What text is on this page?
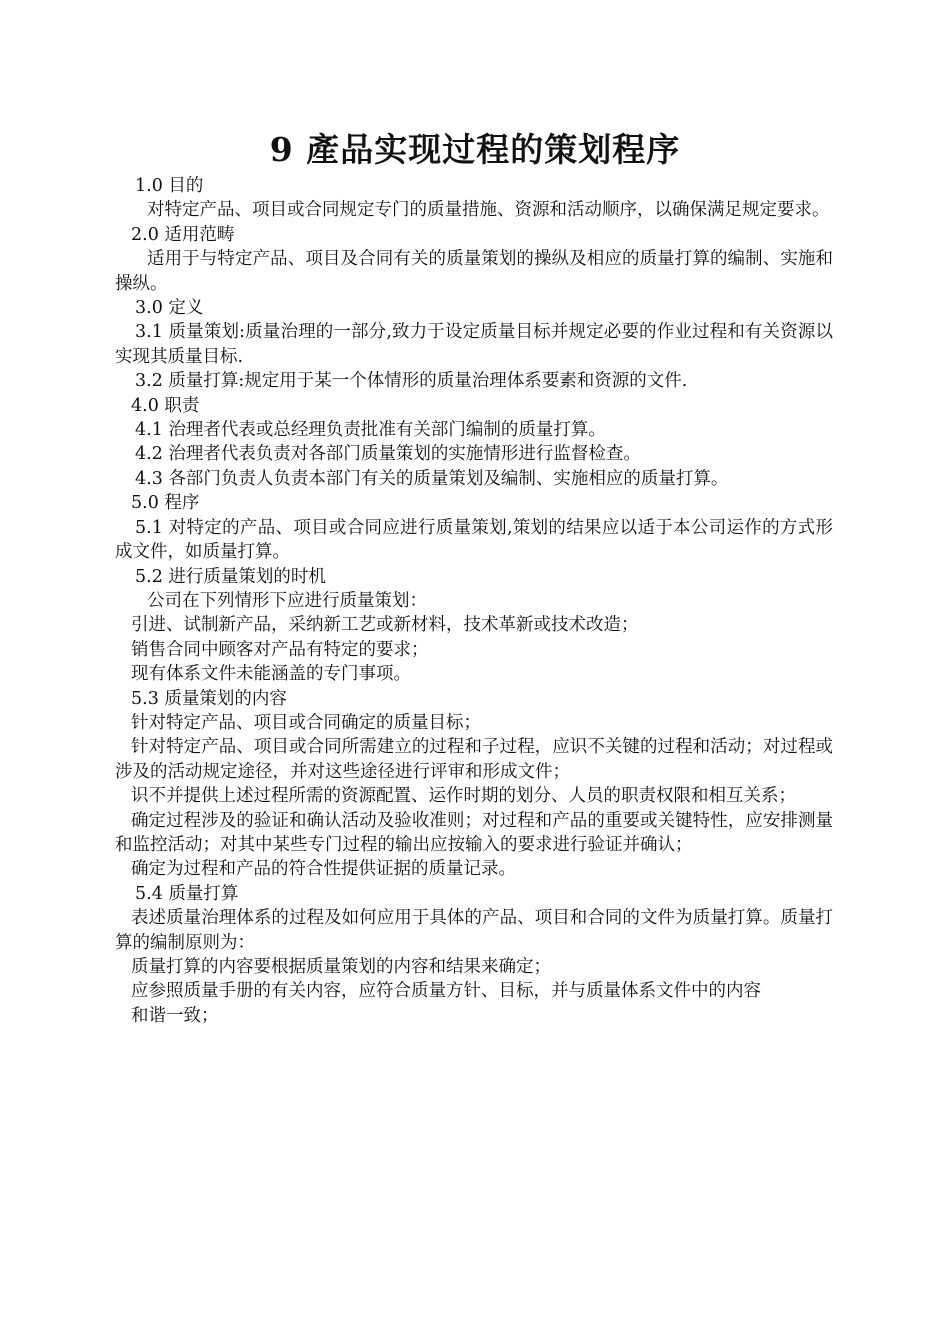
9 產品实现过程的策划程序

1.0 目的

对特定产品、项目或合同规定专门的质量措施、资源和活动顺序，以确保满足规定要求。

2.0 适用范畴

适用于与特定产品、项目及合同有关的质量策划的操纵及相应的质量打算的编制、实施和操纵。

3.0 定义

3.1 质量策划:质量治理的一部分,致力于设定质量目标并规定必要的作业过程和有关资源以实现其质量目标.

3.2 质量打算:规定用于某一个体情形的质量治理体系要素和资源的文件.

4.0 职责

4.1 治理者代表或总经理负责批准有关部门编制的质量打算。

4.2 治理者代表负责对各部门质量策划的实施情形进行监督检查。

4.3 各部门负责人负责本部门有关的质量策划及编制、实施相应的质量打算。

5.0 程序

5.1 对特定的产品、项目或合同应进行质量策划,策划的结果应以适于本公司运作的方式形成文件，如质量打算。

5.2 进行质量策划的时机

公司在下列情形下应进行质量策划：

引进、试制新产品，采纳新工艺或新材料，技术革新或技术改造；

销售合同中顾客对产品有特定的要求；

现有体系文件未能涵盖的专门事项。

5.3 质量策划的内容

针对特定产品、项目或合同确定的质量目标；

针对特定产品、项目或合同所需建立的过程和子过程，应识不关键的过程和活动；对过程或涉及的活动规定途径，并对这些途径进行评审和形成文件；

识不并提供上述过程所需的资源配置、运作时期的划分、人员的职责权限和相互关系；

确定过程涉及的验证和确认活动及验收准则；对过程和产品的重要或关键特性，应安排测量和监控活动；对其中某些专门过程的输出应按输入的要求进行验证并确认；

确定为过程和产品的符合性提供证据的质量记录。

5.4 质量打算

表述质量治理体系的过程及如何应用于具体的产品、项目和合同的文件为质量打算。质量打算的编制原则为：

质量打算的内容要根据质量策划的内容和结果来确定；

应参照质量手册的有关内容，应符合质量方针、目标，并与质量体系文件中的内容

和谐一致；
